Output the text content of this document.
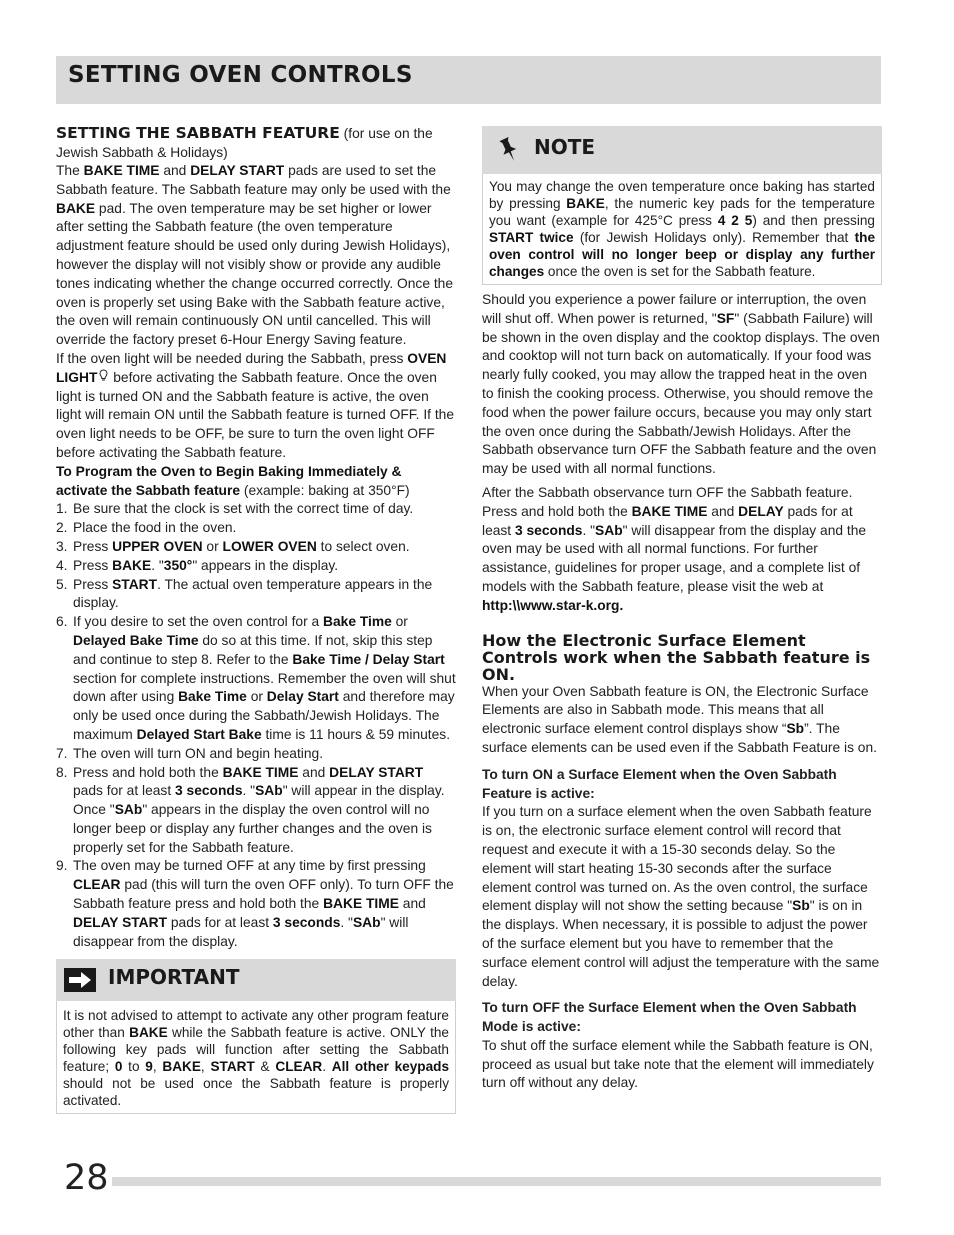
SETTING OVEN CONTROLS
SETTING THE SABBATH FEATURE (for use on the Jewish Sabbath & Holidays)

The BAKE TIME and DELAY START pads are used to set the Sabbath feature. The Sabbath feature may only be used with the BAKE pad. The oven temperature may be set higher or lower after setting the Sabbath feature (the oven temperature adjustment feature should be used only during Jewish Holidays), however the display will not visibly show or provide any audible tones indicating whether the change occurred correctly. Once the oven is properly set using Bake with the Sabbath feature active, the oven will remain continuously ON until cancelled. This will override the factory preset 6-Hour Energy Saving feature.

If the oven light will be needed during the Sabbath, press OVEN LIGHT before activating the Sabbath feature. Once the oven light is turned ON and the Sabbath feature is active, the oven light will remain ON until the Sabbath feature is turned OFF. If the oven light needs to be OFF, be sure to turn the oven light OFF before activating the Sabbath feature.

To Program the Oven to Begin Baking Immediately & activate the Sabbath feature (example: baking at 350°F)

1. Be sure that the clock is set with the correct time of day.
2. Place the food in the oven.
3. Press UPPER OVEN or LOWER OVEN to select oven.
4. Press BAKE. "350°" appears in the display.
5. Press START. The actual oven temperature appears in the display.
6. If you desire to set the oven control for a Bake Time or Delayed Bake Time do so at this time. If not, skip this step and continue to step 8. Refer to the Bake Time / Delay Start section for complete instructions. Remember the oven will shut down after using Bake Time or Delay Start and therefore may only be used once during the Sabbath/Jewish Holidays. The maximum Delayed Start Bake time is 11 hours & 59 minutes.
7. The oven will turn ON and begin heating.
8. Press and hold both the BAKE TIME and DELAY START pads for at least 3 seconds. "SAb" will appear in the display. Once "SAb" appears in the display the oven control will no longer beep or display any further changes and the oven is properly set for the Sabbath feature.
9. The oven may be turned OFF at any time by first pressing CLEAR pad (this will turn the oven OFF only). To turn OFF the Sabbath feature press and hold both the BAKE TIME and DELAY START pads for at least 3 seconds. "SAb" will disappear from the display.
IMPORTANT
It is not advised to attempt to activate any other program feature other than BAKE while the Sabbath feature is active. ONLY the following key pads will function after setting the Sabbath feature; 0 to 9, BAKE, START & CLEAR. All other keypads should not be used once the Sabbath feature is properly activated.
NOTE
You may change the oven temperature once baking has started by pressing BAKE, the numeric key pads for the temperature you want (example for 425°C press 4 2 5) and then pressing START twice (for Jewish Holidays only). Remember that the oven control will no longer beep or display any further changes once the oven is set for the Sabbath feature.

Should you experience a power failure or interruption, the oven will shut off. When power is returned, "SF" (Sabbath Failure) will be shown in the oven display and the cooktop displays. The oven and cooktop will not turn back on automatically. If your food was nearly fully cooked, you may allow the trapped heat in the oven to finish the cooking process. Otherwise, you should remove the food when the power failure occurs, because you may only start the oven once during the Sabbath/Jewish Holidays. After the Sabbath observance turn OFF the Sabbath feature and the oven may be used with all normal functions.

After the Sabbath observance turn OFF the Sabbath feature. Press and hold both the BAKE TIME and DELAY pads for at least 3 seconds. "SAb" will disappear from the display and the oven may be used with all normal functions. For further assistance, guidelines for proper usage, and a complete list of models with the Sabbath feature, please visit the web at http:\\www.star-k.org.

How the Electronic Surface Element Controls work when the Sabbath feature is ON.

When your Oven Sabbath feature is ON, the Electronic Surface Elements are also in Sabbath mode. This means that all electronic surface element control displays show “Sb”. The surface elements can be used even if the Sabbath Feature is on.

To turn ON a Surface Element when the Oven Sabbath Feature is active:

If you turn on a surface element when the oven Sabbath feature is on, the electronic surface element control will record that request and execute it with a 15-30 seconds delay. So the element will start heating 15-30 seconds after the surface element control was turned on. As the oven control, the surface element display will not show the setting because "Sb" is on in the displays. When necessary, it is possible to adjust the power of the surface element but you have to remember that the surface element control will adjust the temperature with the same delay.

To turn OFF the Surface Element when the Oven Sabbath Mode is active:

To shut off the surface element while the Sabbath feature is ON, proceed as usual but take note that the element will immediately turn off without any delay.

28
